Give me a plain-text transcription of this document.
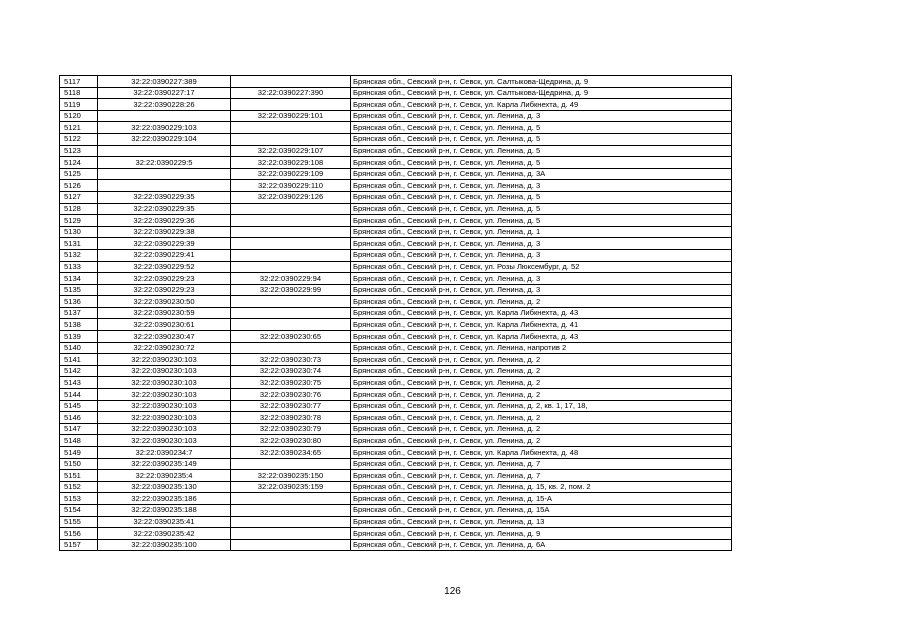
5117	32:22:0390227:389		Брянская обл., Севский р-н, г. Севск, ул. Салтыкова-Щедрина, д. 9
5118	32:22:0390227:17	32:22:0390227:390	Брянская обл., Севский р-н, г. Севск, ул. Салтыкова-Щедрина, д. 9
5119	32:22:0390228:26		Брянская обл., Севский р-н, г. Севск, ул. Карла Либкнехта, д. 49
5120		32:22:0390229:101	Брянская обл., Севский р-н, г. Севск, ул. Ленина, д. 3
5121	32:22:0390229:103		Брянская обл., Севский р-н, г. Севск, ул. Ленина, д. 5
5122	32:22:0390229:104		Брянская обл., Севский р-н, г. Севск, ул. Ленина, д. 5
5123		32:22:0390229:107	Брянская обл., Севский р-н, г. Севск, ул. Ленина, д. 5
5124	32:22:0390229:5	32:22:0390229:108	Брянская обл., Севский р-н, г. Севск, ул. Ленина, д. 5
5125		32:22:0390229:109	Брянская обл., Севский р-н, г. Севск, ул. Ленина, д. 3А
5126		32:22:0390229:110	Брянская обл., Севский р-н, г. Севск, ул. Ленина, д. 3
5127	32:22:0390229:35	32:22:0390229:126	Брянская обл., Севский р-н, г. Севск, ул. Ленина, д. 5
5128	32:22:0390229:35		Брянская обл., Севский р-н, г. Севск, ул. Ленина, д. 5
5129	32:22:0390229:36		Брянская обл., Севский р-н, г. Севск, ул. Ленина, д. 5
5130	32:22:0390229:38		Брянская обл., Севский р-н, г. Севск, ул. Ленина, д. 1
5131	32:22:0390229:39		Брянская обл., Севский р-н, г. Севск, ул. Ленина, д. 3
5132	32:22:0390229:41		Брянская обл., Севский р-н, г. Севск, ул. Ленина, д. 3
5133	32:22:0390229:52		Брянская обл., Севский р-н, г. Севск, ул. Розы Люксембург, д. 52
5134	32:22:0390229:23	32:22:0390229:94	Брянская обл., Севский р-н, г. Севск, ул. Ленина, д. 3
5135	32:22:0390229:23	32:22:0390229:99	Брянская обл., Севский р-н, г. Севск, ул. Ленина, д. 3
5136	32:22:0390230:50		Брянская обл., Севский р-н, г. Севск, ул. Ленина, д. 2
5137	32:22:0390230:59		Брянская обл., Севский р-н, г. Севск, ул. Карла Либкнехта, д. 43
5138	32:22:0390230:61		Брянская обл., Севский р-н, г. Севск, ул. Карла Либкнехта, д. 41
5139	32:22:0390230:47	32:22:0390230:65	Брянская обл., Севский р-н, г. Севск, ул. Карла Либкнехта, д. 43
5140	32:22:0390230:72		Брянская обл., Севский р-н, г. Севск, ул. Ленина, напротив 2
5141	32:22:0390230:103	32:22:0390230:73	Брянская обл., Севский р-н, г. Севск, ул. Ленина, д. 2
5142	32:22:0390230:103	32:22:0390230:74	Брянская обл., Севский р-н, г. Севск, ул. Ленина, д. 2
5143	32:22:0390230:103	32:22:0390230:75	Брянская обл., Севский р-н, г. Севск, ул. Ленина, д. 2
5144	32:22:0390230:103	32:22:0390230:76	Брянская обл., Севский р-н, г. Севск, ул. Ленина, д. 2
5145	32:22:0390230:103	32:22:0390230:77	Брянская обл., Севский р-н, г. Севск, ул. Ленина, д. 2, кв. 1, 17, 18,
5146	32:22:0390230:103	32:22:0390230:78	Брянская обл., Севский р-н, г. Севск, ул. Ленина, д. 2
5147	32:22:0390230:103	32:22:0390230:79	Брянская обл., Севский р-н, г. Севск, ул. Ленина, д. 2
5148	32:22:0390230:103	32:22:0390230:80	Брянская обл., Севский р-н, г. Севск, ул. Ленина, д. 2
5149	32:22:0390234:7	32:22:0390234:65	Брянская обл., Севский р-н, г. Севск, ул. Карла Либкнехта, д. 48
5150	32:22:0390235:149		Брянская обл., Севский р-н, г. Севск, ул. Ленина, д. 7
5151	32:22:0390235:4	32:22:0390235:150	Брянская обл., Севский р-н, г. Севск, ул. Ленина, д. 7
5152	32:22:0390235:130	32:22:0390235:159	Брянская обл., Севский р-н, г. Севск, ул. Ленина, д. 15, кв. 2, пом. 2
5153	32:22:0390235:186		Брянская обл., Севский р-н, г. Севск, ул. Ленина, д. 15-А
5154	32:22:0390235:188		Брянская обл., Севский р-н, г. Севск, ул. Ленина, д. 15А
5155	32:22:0390235:41		Брянская обл., Севский р-н, г. Севск, ул. Ленина, д. 13
5156	32:22:0390235:42		Брянская обл., Севский р-н, г. Севск, ул. Ленина, д. 9
5157	32:22:0390235:100		Брянская обл., Севский р-н, г. Севск, ул. Ленина, д. 6А
126
